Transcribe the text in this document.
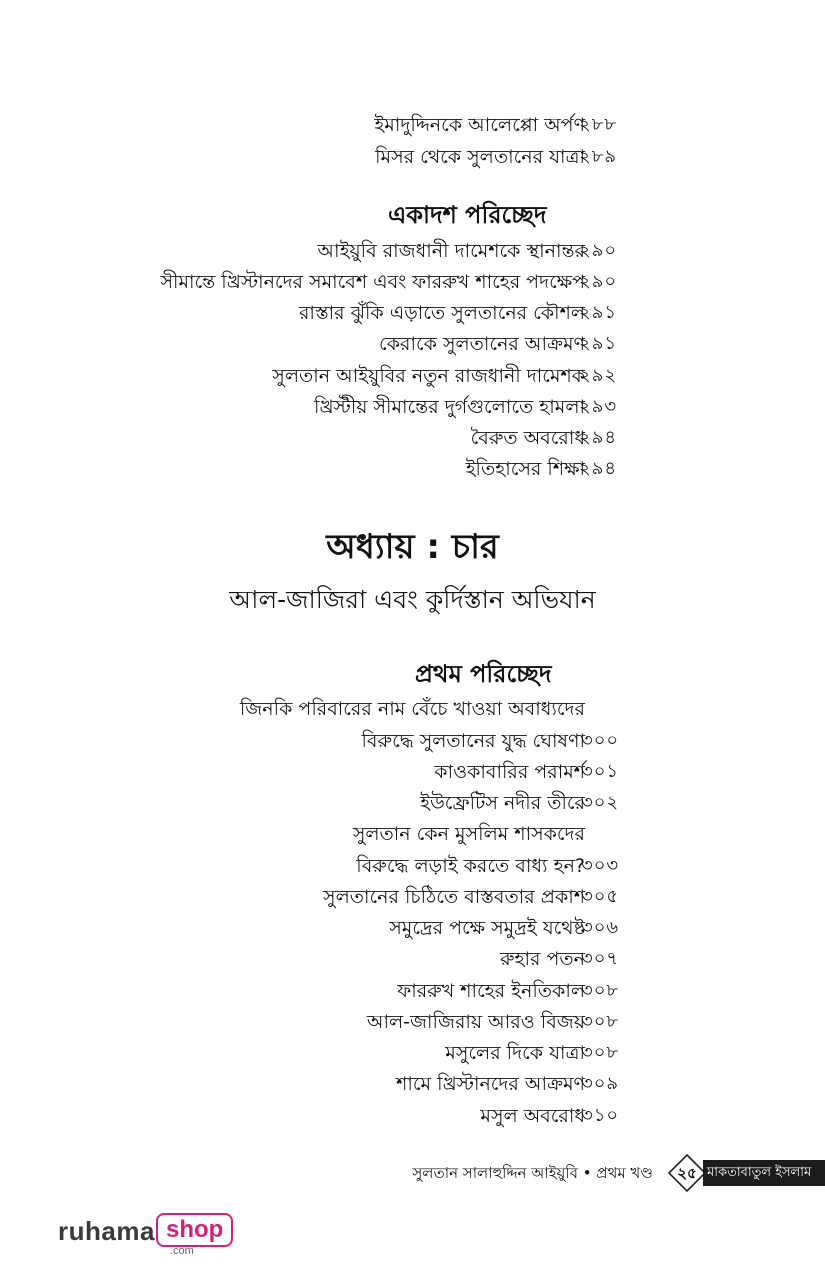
ইমাদুদ্দিনকে আলেপ্পো অর্পণ
২৮৮
মিসর থেকে সুলতানের যাত্রা
২৮৯
একাদশ পরিচ্ছেদ
আইয়ুবি রাজধানী দামেশকে স্থানান্তর
২৯০
সীমান্তে খ্রিস্টানদের সমাবেশ এবং ফাররুখ শাহের পদক্ষেপ
২৯০
রাস্তার ঝুঁকি এড়াতে সুলতানের কৌশল
২৯১
কেরাকে সুলতানের আক্রমণ
২৯১
সুলতান আইয়ুবির নতুন রাজধানী দামেশক
২৯২
খ্রিস্টীয় সীমান্তের দুর্গগুলোতে হামলা
২৯৩
বৈরুত অবরোধ
২৯৪
ইতিহাসের শিক্ষা
২৯৪
অধ্যায় : চার
আল-জাজিরা এবং কুর্দিস্তান অভিযান
প্রথম পরিচ্ছেদ
জিনকি পরিবারের নাম বেঁচে খাওয়া অবাধ্যদের
বিরুদ্ধে সুলতানের যুদ্ধ ঘোষণা
৩০০
কাওকাবারির পরামর্শ
৩০১
ইউফ্রেটিস নদীর তীরে
৩০২
সুলতান কেন মুসলিম শাসকদের
বিরুদ্ধে লড়াই করতে বাধ্য হন?
৩০৩
সুলতানের চিঠিতে বাস্তবতার প্রকাশ
৩০৫
সমুদ্রের পক্ষে সমুদ্রই যথেষ্ট
৩০৬
রুহার পতন
৩০৭
ফাররুখ শাহের ইনতিকাল
৩০৮
আল-জাজিরায় আরও বিজয়
৩০৮
মসুলের দিকে যাত্রা
৩০৮
শামে খ্রিস্টানদের আক্রমণ
৩০৯
মসুল অবরোধ
৩১০
সুলতান সালাহুদ্দিন আইয়ুবি • প্রথম খণ্ড	২৫ মাকতাবাতুল ইসলাম
ruhama shop
.com
